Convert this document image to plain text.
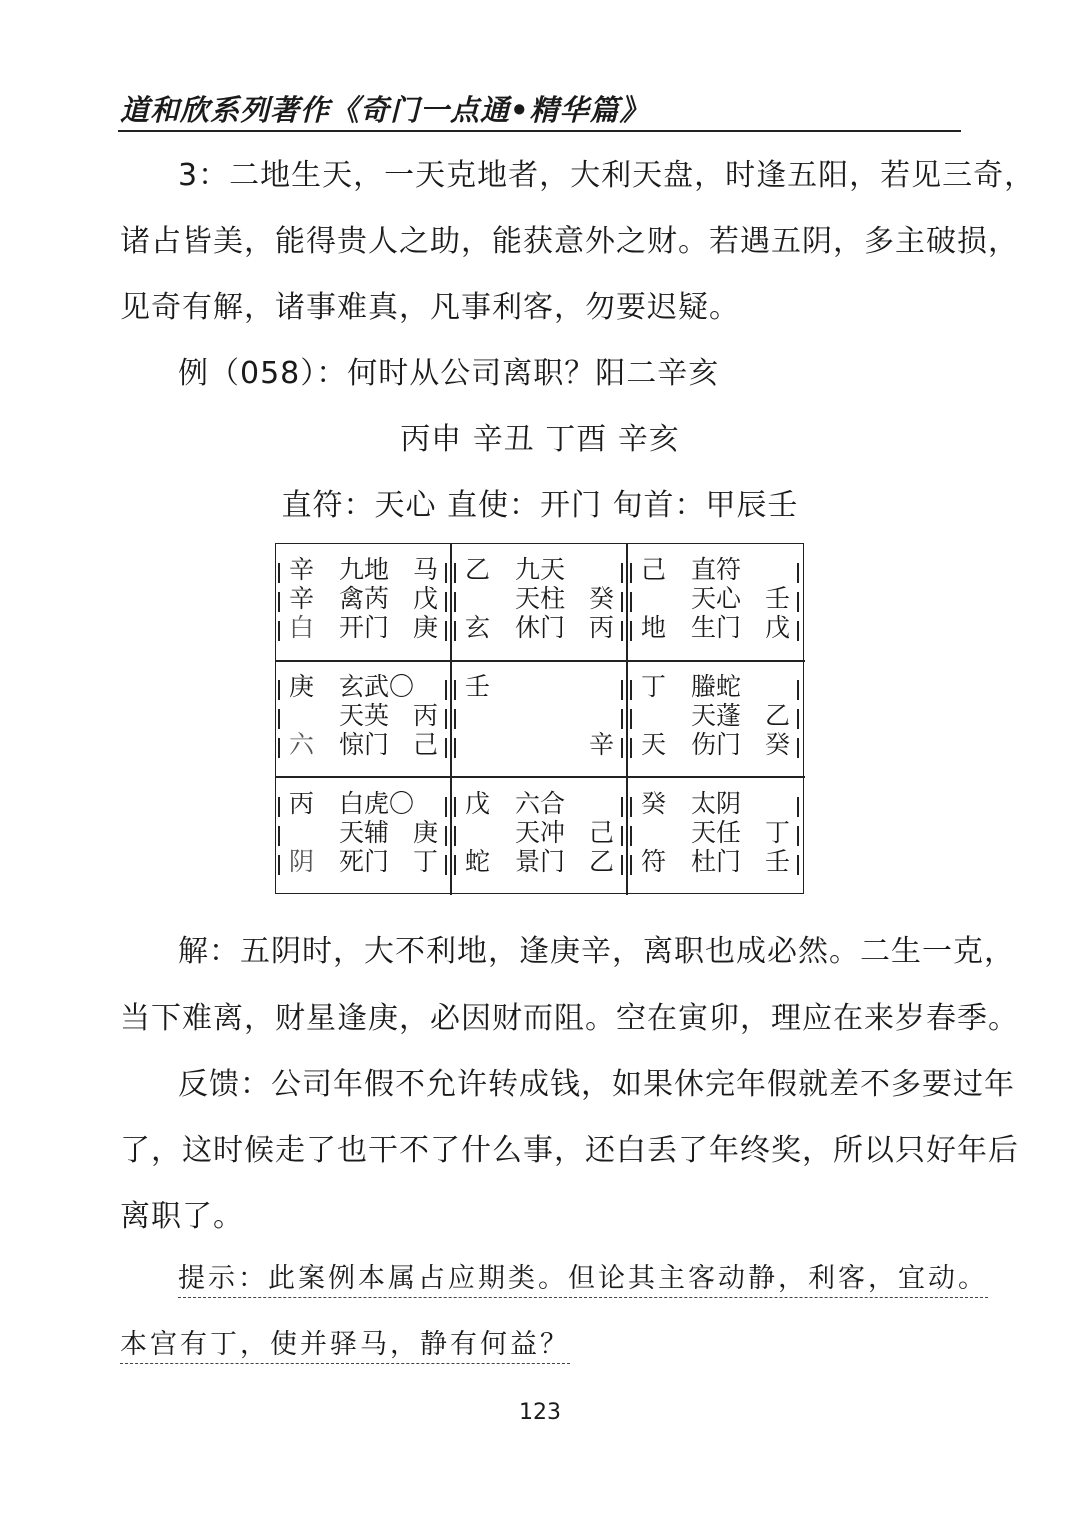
道和欣系列著作《奇门一点通•精华篇》
3：二地生天，一天克地者，大利天盘，时逢五阳，若见三奇，
诸占皆美，能得贵人之助，能获意外之财。若遇五阴，多主破损，
见奇有解，诸事难真，凡事利客，勿要迟疑。
例（058）：何时从公司离职？阳二辛亥
丙申 辛丑 丁酉 辛亥
直符：天心 直使：开门 旬首：甲辰壬
辛 九地 马
辛 禽芮 戊
白 开门 庚
乙 九天
天柱 癸
玄 休门 丙
己 直符
天心 壬
地 生门 戊
庚 玄武〇
天英 丙
六 惊门 己
壬
辛
丁 螣蛇
天蓬 乙
天 伤门 癸
丙 白虎〇
天辅 庚
阴 死门 丁
戊 六合
天冲 己
蛇 景门 乙
癸 太阴
天任 丁
符 杜门 壬
解：五阴时，大不利地，逢庚辛，离职也成必然。二生一克，
当下难离，财星逢庚，必因财而阻。空在寅卯，理应在来岁春季。
反馈：公司年假不允许转成钱，如果休完年假就差不多要过年
了，这时候走了也干不了什么事，还白丢了年终奖，所以只好年后
离职了。
提示：此案例本属占应期类。但论其主客动静，利客，宜动。
本宫有丁，使并驿马，静有何益？
123
